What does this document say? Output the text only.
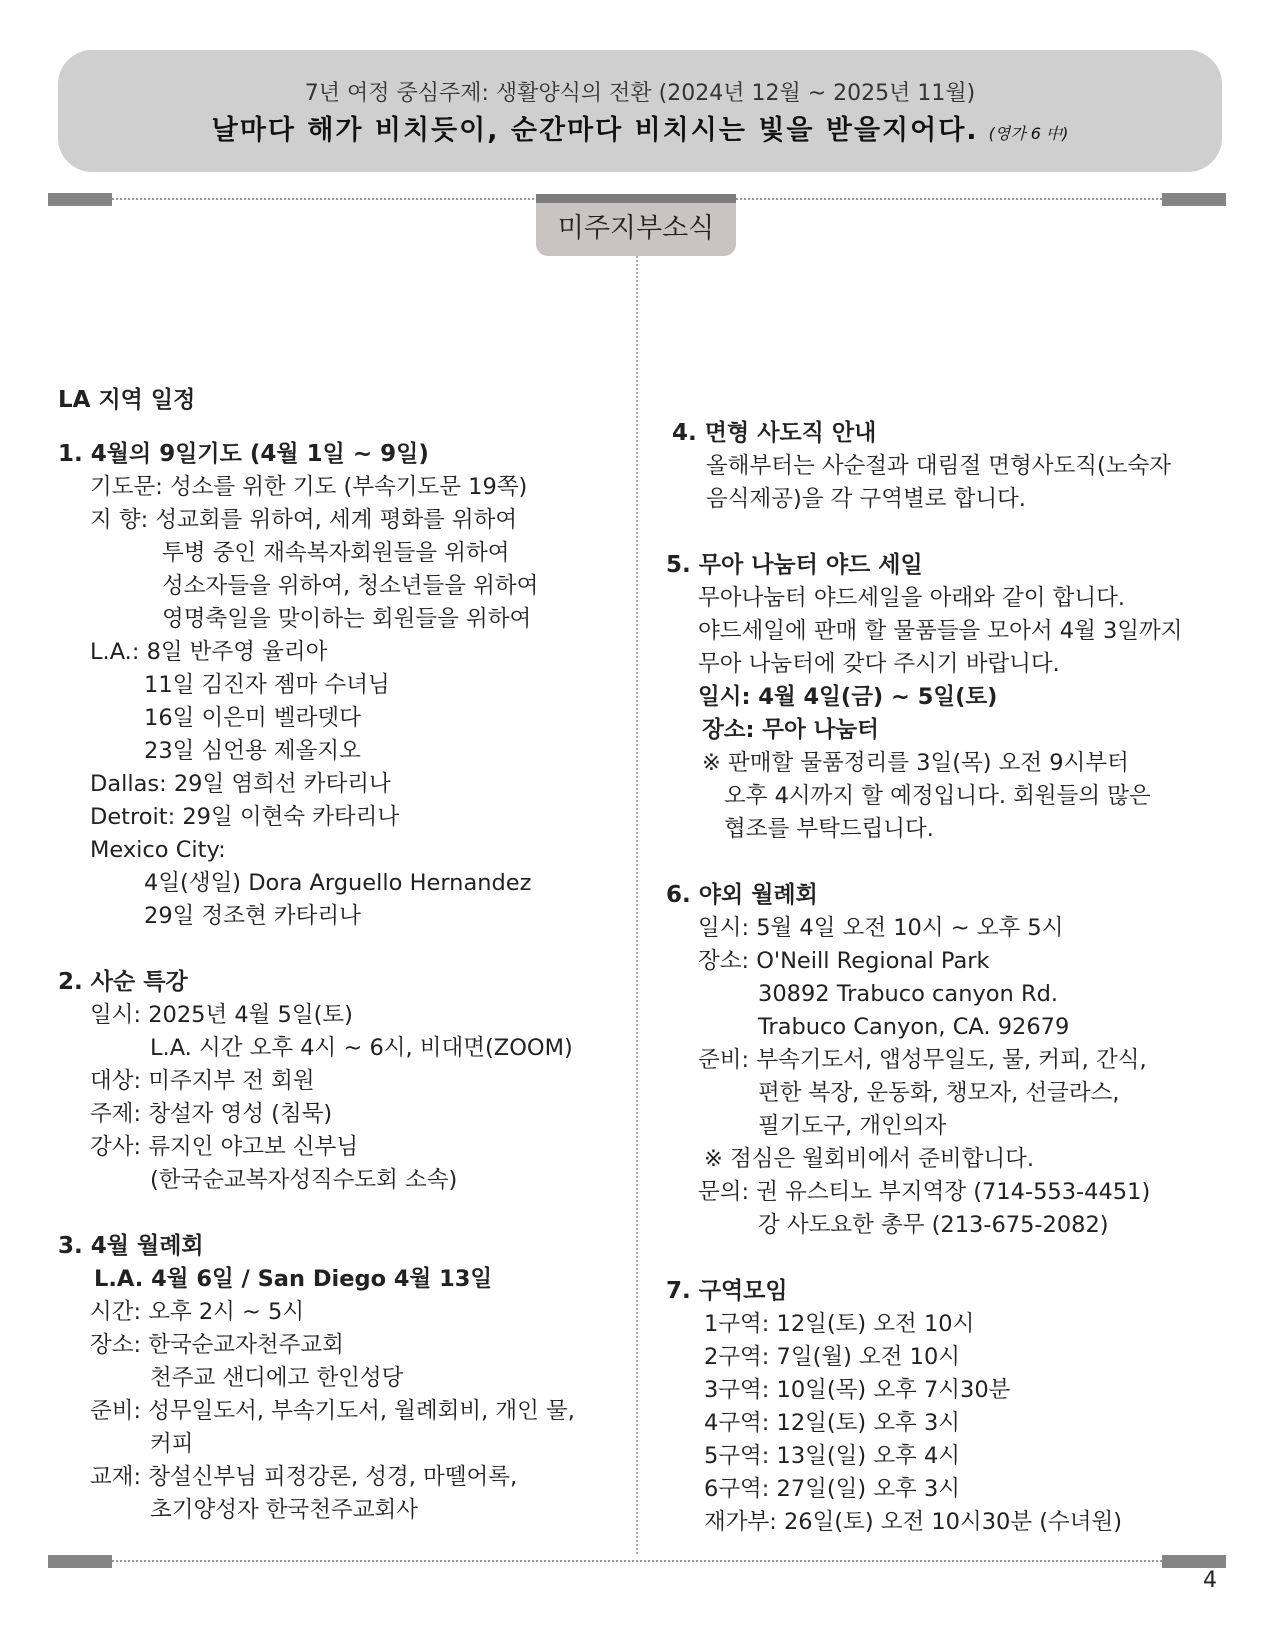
7년 여정 중심주제: 생활양식의 전환 (2024년 12월 ~ 2025년 11월)
날마다 해가 비치듯이, 순간마다 비치시는 빛을 받을지어다. (영가 6 中)
미주지부소식
4
LA 지역 일정
1. 4월의 9일기도 (4월 1일 ~ 9일)
기도문: 성소를 위한 기도 (부속기도문 19쪽)
지 향: 성교회를 위하여, 세계 평화를 위하여
투병 중인 재속복자회원들을 위하여
성소자들을 위하여, 청소년들을 위하여
영명축일을 맞이하는 회원들을 위하여
L.A.: 8일 반주영 율리아
11일 김진자 젬마 수녀님
16일 이은미 벨라뎃다
23일 심언용 제올지오
Dallas: 29일 염희선 카타리나
Detroit: 29일 이현숙 카타리나
Mexico City:
4일(생일) Dora Arguello Hernandez
29일 정조현 카타리나
2. 사순 특강
일시: 2025년 4월 5일(토)
L.A. 시간 오후 4시 ~ 6시, 비대면(ZOOM)
대상: 미주지부 전 회원
주제: 창설자 영성 (침묵)
강사: 류지인 야고보 신부님
(한국순교복자성직수도회 소속)
3. 4월 월례회
L.A. 4월 6일 / San Diego 4월 13일
시간: 오후 2시 ~ 5시
장소: 한국순교자천주교회
천주교 샌디에고 한인성당
준비: 성무일도서, 부속기도서, 월례회비, 개인 물,
커피
교재: 창설신부님 피정강론, 성경, 마뗄어록,
초기양성자 한국천주교회사
4. 면형 사도직 안내
올해부터는 사순절과 대림절 면형사도직(노숙자
음식제공)을 각 구역별로 합니다.
5. 무아 나눔터 야드 세일
무아나눔터 야드세일을 아래와 같이 합니다.
야드세일에 판매 할 물품들을 모아서 4월 3일까지
무아 나눔터에 갖다 주시기 바랍니다.
일시: 4월 4일(금) ~ 5일(토)
장소: 무아 나눔터
※ 판매할 물품정리를 3일(목) 오전 9시부터
오후 4시까지 할 예정입니다. 회원들의 많은
협조를 부탁드립니다.
6. 야외 월례회
일시: 5월 4일 오전 10시 ~ 오후 5시
장소: O'Neill Regional Park
30892 Trabuco canyon Rd.
Trabuco Canyon, CA. 92679
준비: 부속기도서, 앱성무일도, 물, 커피, 간식,
편한 복장, 운동화, 챙모자, 선글라스,
필기도구, 개인의자
※ 점심은 월회비에서 준비합니다.
문의: 권 유스티노 부지역장 (714-553-4451)
강 사도요한 총무 (213-675-2082)
7. 구역모임
1구역: 12일(토) 오전 10시
2구역: 7일(월) 오전 10시
3구역: 10일(목) 오후 7시30분
4구역: 12일(토) 오후 3시
5구역: 13일(일) 오후 4시
6구역: 27일(일) 오후 3시
재가부: 26일(토) 오전 10시30분 (수녀원)
